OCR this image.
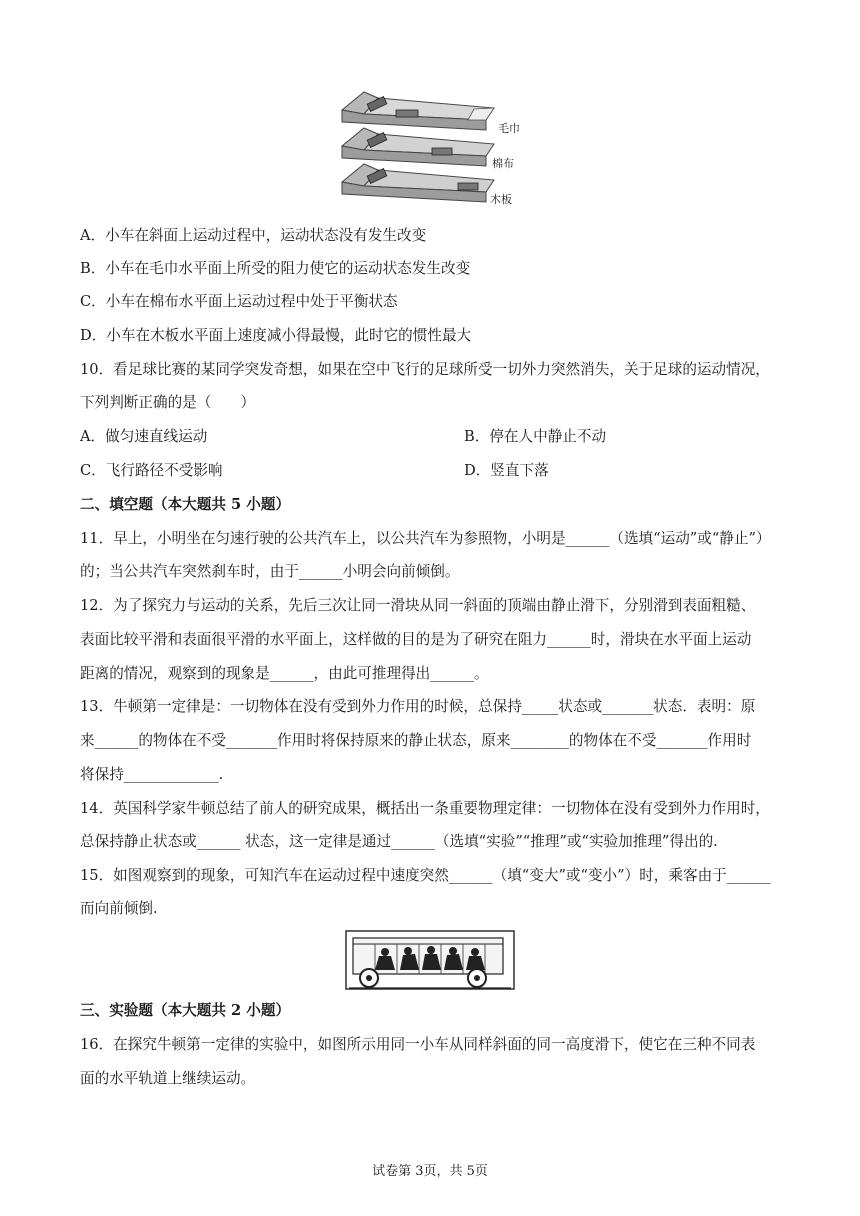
毛巾
棉布
木板
A．小车在斜面上运动过程中，运动状态没有发生改变
B．小车在毛巾水平面上所受的阻力使它的运动状态发生改变
C．小车在棉布水平面上运动过程中处于平衡状态
D．小车在木板水平面上速度减小得最慢，此时它的惯性最大
10．看足球比赛的某同学突发奇想，如果在空中飞行的足球所受一切外力突然消失，关于足球的运动情况，
下列判断正确的是（　　）
A．做匀速直线运动	B．停在人中静止不动
C．飞行路径不受影响	D．竖直下落
二、填空题（本大题共 5 小题）
11．早上，小明坐在匀速行驶的公共汽车上，以公共汽车为参照物，小明是______（选填“运动”或“静止”）
的；当公共汽车突然刹车时，由于______小明会向前倾倒。
12．为了探究力与运动的关系，先后三次让同一滑块从同一斜面的顶端由静止滑下，分别滑到表面粗糙、
表面比较平滑和表面很平滑的水平面上，这样做的目的是为了研究在阻力______时，滑块在水平面上运动
距离的情况，观察到的现象是______，由此可推理得出______。
13．牛顿第一定律是：一切物体在没有受到外力作用的时候，总保持_____状态或_______状态．表明：原
来______的物体在不受_______作用时将保持原来的静止状态，原来________的物体在不受_______作用时
将保持_____________.
14．英国科学家牛顿总结了前人的研究成果，概括出一条重要物理定律：一切物体在没有受到外力作用时，
总保持静止状态或______ 状态，这一定律是通过______（选填“实验”“推理”或“实验加推理”得出的.
15．如图观察到的现象，可知汽车在运动过程中速度突然______（填“变大”或“变小”）时，乘客由于______
而向前倾倒.
三、实验题（本大题共 2 小题）
16．在探究牛顿第一定律的实验中，如图所示用同一小车从同样斜面的同一高度滑下，使它在三种不同表
面的水平轨道上继续运动。
试卷第 3页，共 5页
